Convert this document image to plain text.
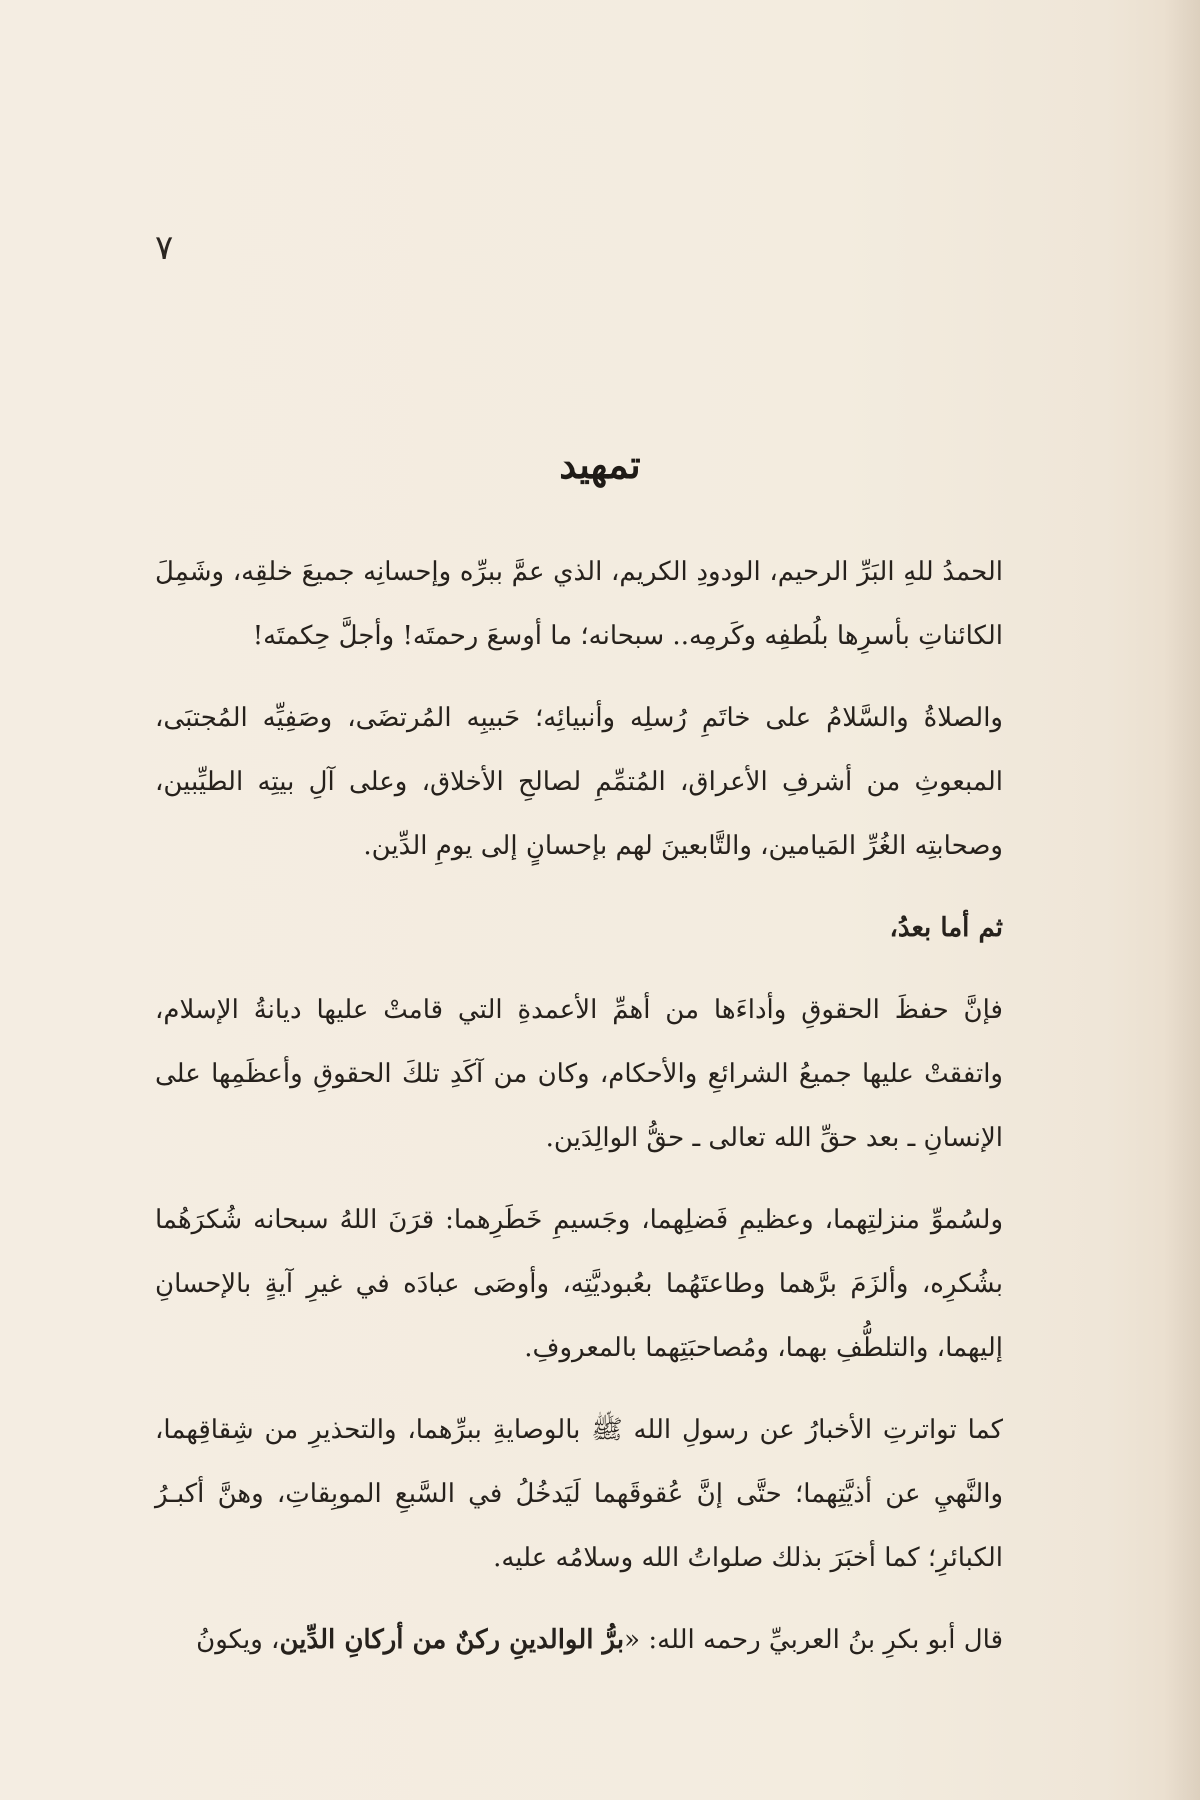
٧
تمهيد

الحمدُ للهِ البَرِّ الرحيم، الودودِ الكريم، الذي عمَّ ببرِّه وإحسانِه جميعَ خلقِه، وشَمِلَ الكائناتِ بأسرِها بلُطفِه وكَرمِه.. سبحانه؛ ما أوسعَ رحمتَه! وأجلَّ حِكمتَه!

والصلاةُ والسَّلامُ على خاتَمِ رُسلِه وأنبيائِه؛ حَبيبِه المُرتضَى، وصَفِيِّه المُجتبَى، المبعوثِ من أشرفِ الأعراق، المُتمِّمِ لصالحِ الأخلاق، وعلى آلِ بيتِه الطيِّبين، وصحابتِه الغُرِّ المَيامين، والتَّابعينَ لهم بإحسانٍ إلى يومِ الدِّين.

ثم أما بعدُ،

فإنَّ حفظَ الحقوقِ وأداءَها من أهمِّ الأعمدةِ التي قامتْ عليها ديانةُ الإسلام، واتفقتْ عليها جميعُ الشرائعِ والأحكام، وكان من آكَدِ تلكَ الحقوقِ وأعظَمِها على الإنسانِ ـ بعد حقِّ الله تعالى ـ حقُّ الوالِدَين.

ولسُموِّ منزلتِهما، وعظيمِ فَضلِهما، وجَسيمِ خَطَرِهما: قرَنَ اللهُ سبحانه شُكرَهُما بشُكرِه، وألزَمَ برَّهما وطاعتَهُما بعُبوديَّتِه، وأوصَى عبادَه في غيرِ آيةٍ بالإحسانِ إليهما، والتلطُّفِ بهما، ومُصاحبَتِهما بالمعروفِ.

كما تواترتِ الأخبارُ عن رسولِ الله ﷺ بالوصايةِ ببرِّهما، والتحذيرِ من شِقاقِهما، والنَّهيِ عن أذيَّتِهما؛ حتَّى إنَّ عُقوقَهما لَيَدخُلُ في السَّبعِ الموبِقاتِ، وهنَّ أكبـرُ الكبائرِ؛ كما أخبَرَ بذلك صلواتُ الله وسلامُه عليه.

قال أبو بكرِ بنُ العربيِّ رحمه الله: «برُّ الوالدينِ ركنٌ من أركانِ الدِّين، ويكونُ
